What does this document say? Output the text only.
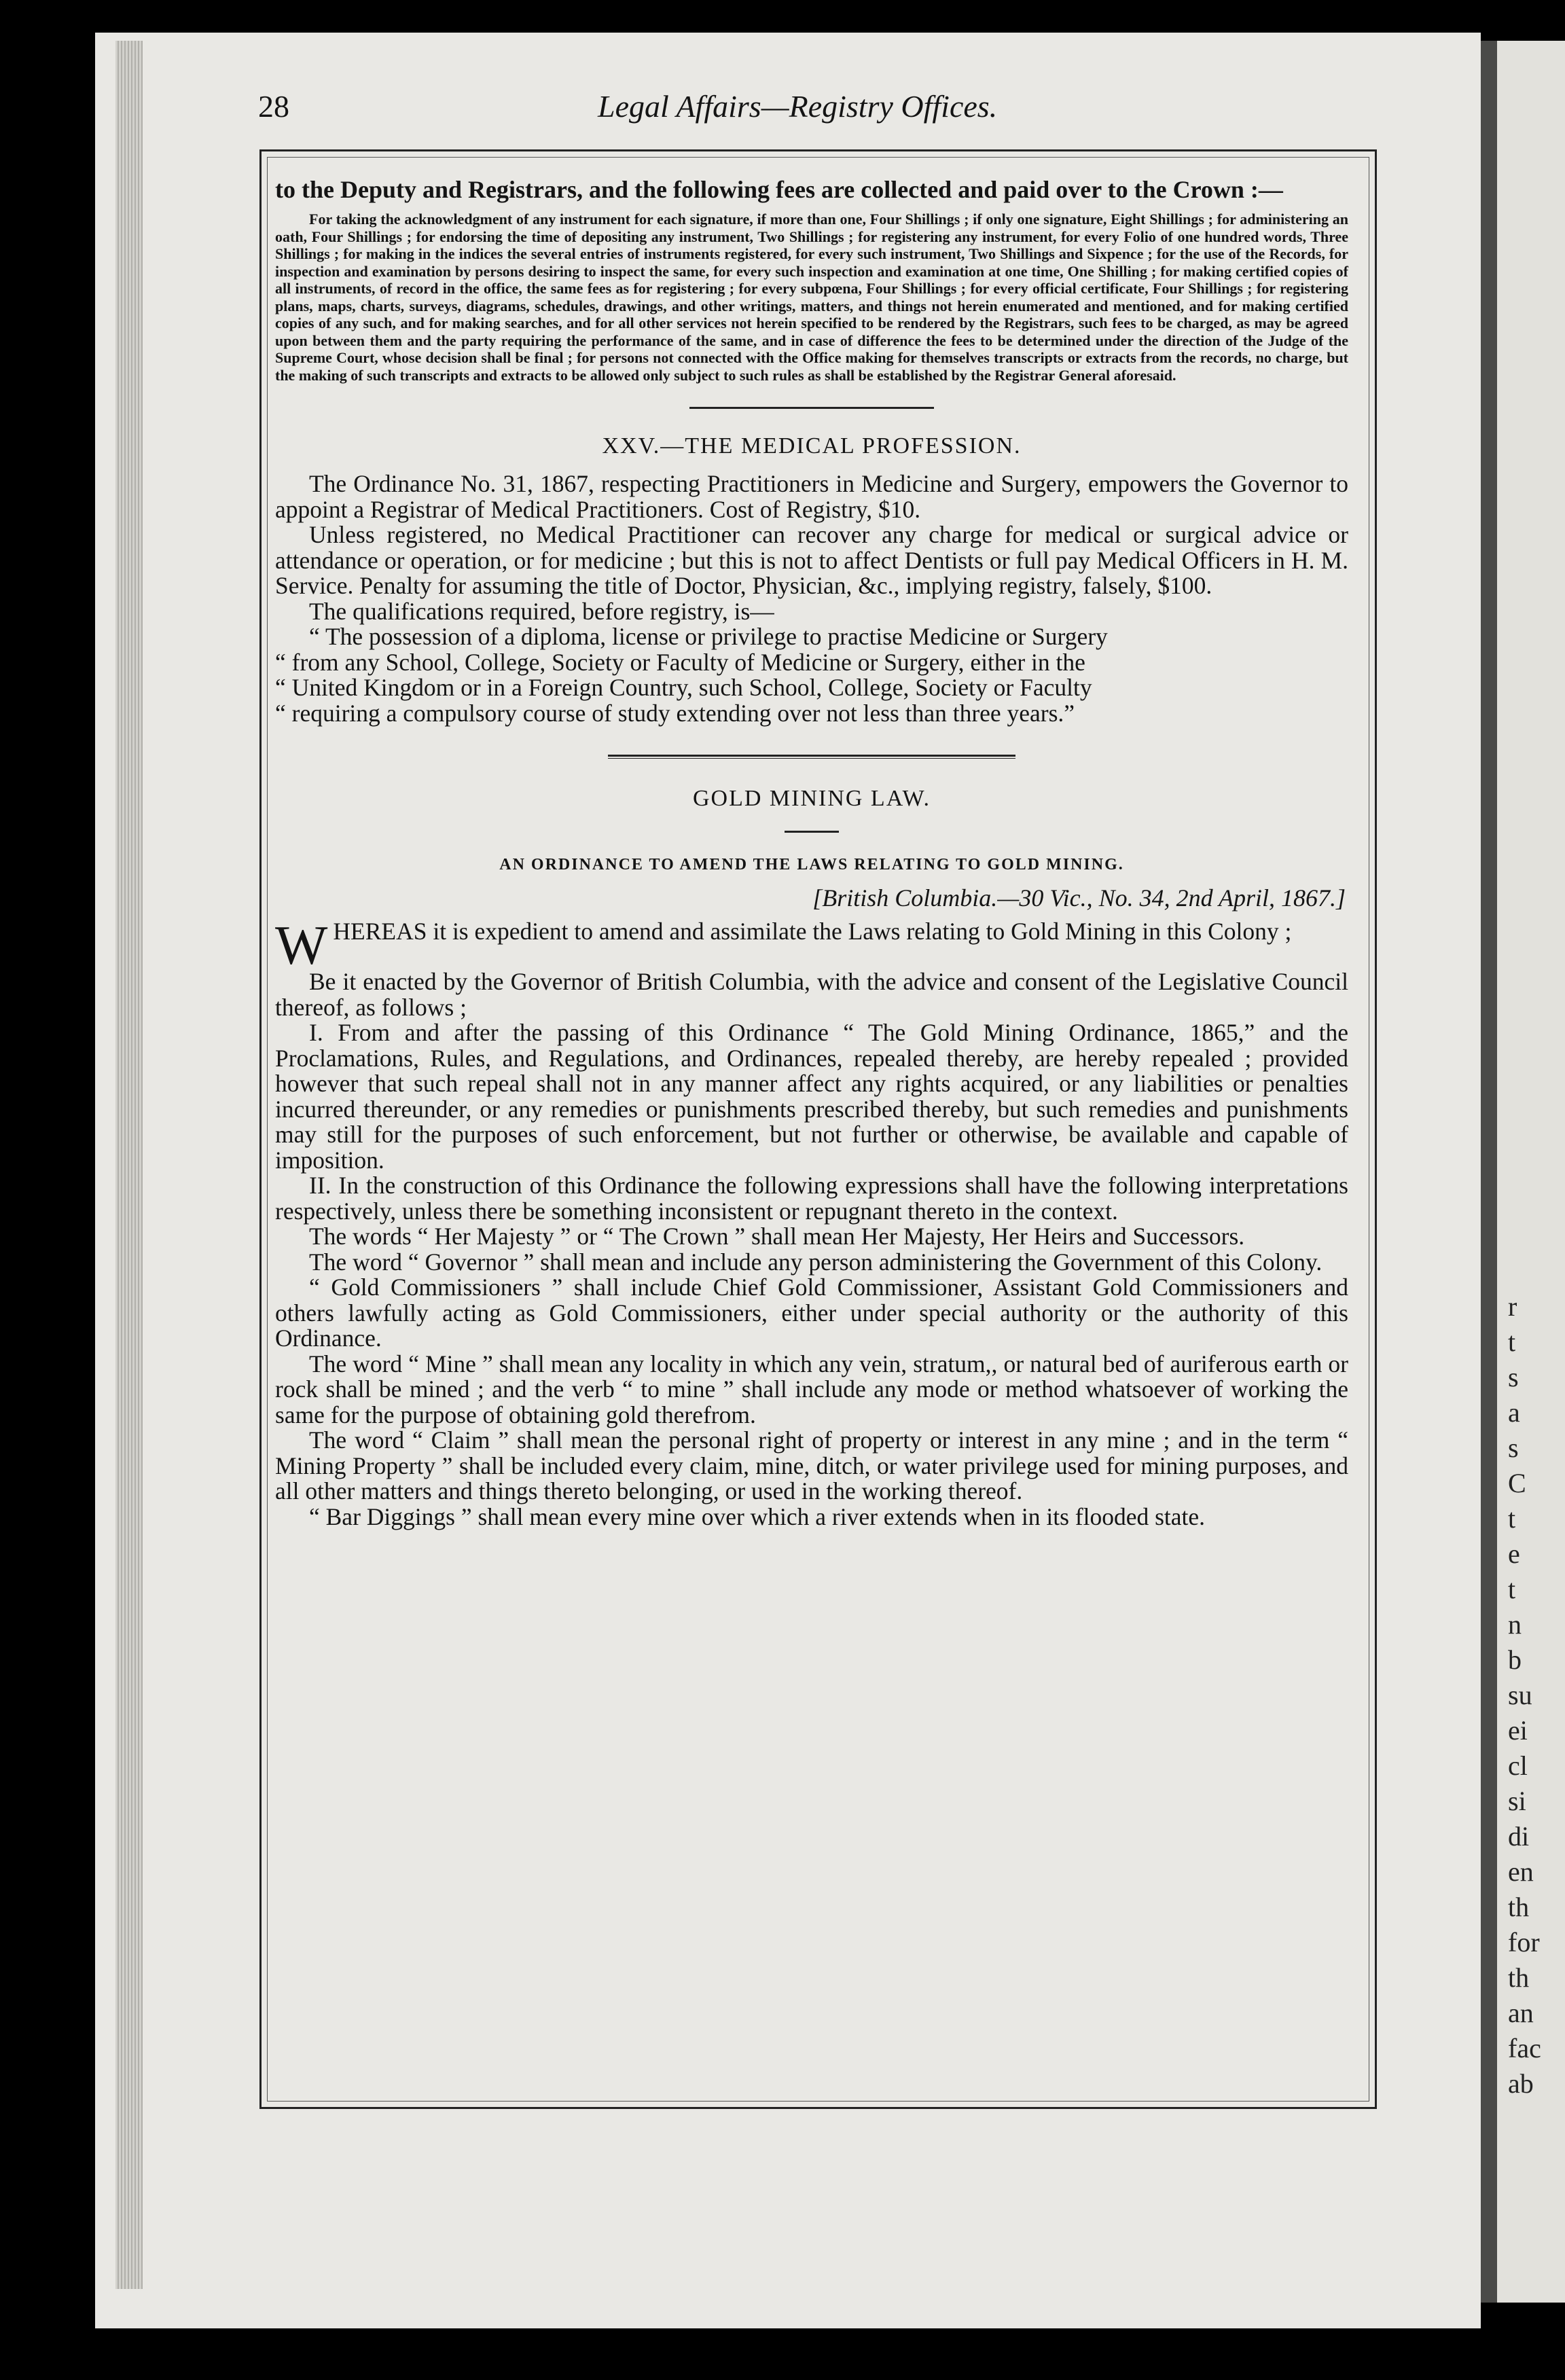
r
t
s
a
s
C
t
e
t
n
b
su
ei
cl
si
di
en
th
for
th
an
fac
ab
28	Legal Affairs—Registry Offices.

to the Deputy and Registrars, and the following fees are collected and paid over to the Crown :—

For taking the acknowledgment of any instrument for each signature, if more than one, Four Shillings ; if only one signature, Eight Shillings ; for administering an oath, Four Shillings ; for endorsing the time of depositing any instrument, Two Shillings ; for registering any instrument, for every Folio of one hundred words, Three Shillings ; for making in the indices the several entries of instruments registered, for every such instrument, Two Shillings and Sixpence ; for the use of the Records, for inspection and examination by persons desiring to inspect the same, for every such inspection and examination at one time, One Shilling ; for making certified copies of all instruments, of record in the office, the same fees as for registering ; for every subpœna, Four Shillings ; for every official certificate, Four Shillings ; for registering plans, maps, charts, surveys, diagrams, schedules, drawings, and other writings, matters, and things not herein enumerated and mentioned, and for making certified copies of any such, and for making searches, and for all other services not herein specified to be rendered by the Registrars, such fees to be charged, as may be agreed upon between them and the party requiring the performance of the same, and in case of difference the fees to be determined under the direction of the Judge of the Supreme Court, whose decision shall be final ; for persons not connected with the Office making for themselves transcripts or extracts from the records, no charge, but the making of such transcripts and extracts to be allowed only subject to such rules as shall be established by the Registrar General aforesaid.

XXV.—THE MEDICAL PROFESSION.

The Ordinance No. 31, 1867, respecting Practitioners in Medicine and Surgery, empowers the Governor to appoint a Registrar of Medical Practitioners. Cost of Registry, $10.

Unless registered, no Medical Practitioner can recover any charge for medical or surgical advice or attendance or operation, or for medicine ; but this is not to affect Dentists or full pay Medical Officers in H. M. Service. Penalty for assuming the title of Doctor, Physician, &c., implying registry, falsely, $100.

The qualifications required, before registry, is—

“ The possession of a diploma, license or privilege to practise Medicine or Surgery

“ from any School, College, Society or Faculty of Medicine or Surgery, either in the

“ United Kingdom or in a Foreign Country, such School, College, Society or Faculty

“ requiring a compulsory course of study extending over not less than three years.”

GOLD MINING LAW.

AN ORDINANCE TO AMEND THE LAWS RELATING TO GOLD MINING.

[British Columbia.—30 Vic., No. 34, 2nd April, 1867.]

W HEREAS it is expedient to amend and assimilate the Laws relating to Gold Mining in this Colony ;

Be it enacted by the Governor of British Columbia, with the advice and consent of the Legislative Council thereof, as follows ;

I. From and after the passing of this Ordinance “ The Gold Mining Ordinance, 1865,” and the Proclamations, Rules, and Regulations, and Ordinances, repealed thereby, are hereby repealed ; provided however that such repeal shall not in any manner affect any rights acquired, or any liabilities or penalties incurred thereunder, or any remedies or punishments prescribed thereby, but such remedies and punishments may still for the purposes of such enforcement, but not further or otherwise, be available and capable of imposition.

II. In the construction of this Ordinance the following expressions shall have the following interpretations respectively, unless there be something inconsistent or repugnant thereto in the context.

The words “ Her Majesty ” or “ The Crown ” shall mean Her Majesty, Her Heirs and Successors.

The word “ Governor ” shall mean and include any person administering the Government of this Colony.

“ Gold Commissioners ” shall include Chief Gold Commissioner, Assistant Gold Commissioners and others lawfully acting as Gold Commissioners, either under special authority or the authority of this Ordinance.

The word “ Mine ” shall mean any locality in which any vein, stratum,, or natural bed of auriferous earth or rock shall be mined ; and the verb “ to mine ” shall include any mode or method whatsoever of working the same for the purpose of obtaining gold therefrom.

The word “ Claim ” shall mean the personal right of property or interest in any mine ; and in the term “ Mining Property ” shall be included every claim, mine, ditch, or water privilege used for mining purposes, and all other matters and things thereto belonging, or used in the working thereof.

“ Bar Diggings ” shall mean every mine over which a river extends when in its flooded state.
